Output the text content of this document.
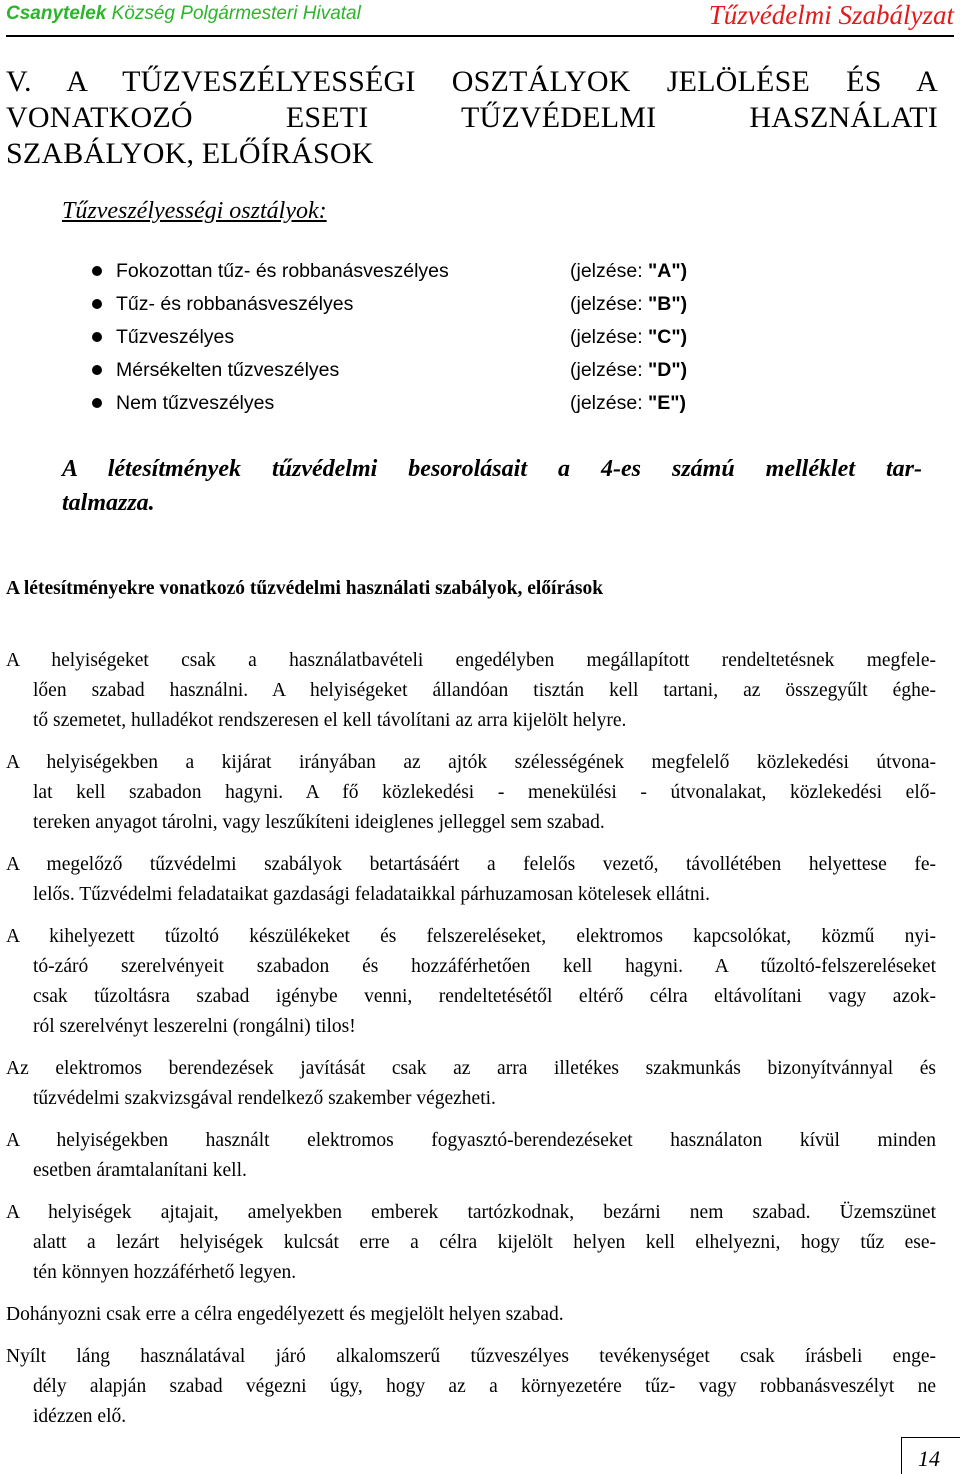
Csanytelek Község Polgármesteri Hivatal	Tűzvédelmi Szabályzat
V. A TŰZVESZÉLYESSÉGI OSZTÁLYOK JELÖLÉSE ÉS A
VONATKOZÓ ESETI TŰZVÉDELMI HASZNÁLATI
SZABÁLYOK, ELŐÍRÁSOK
Tűzveszélyességi osztályok:
Fokozottan tűz- és robbanásveszélyes	(jelzése: "A")
Tűz- és robbanásveszélyes	(jelzése: "B")
Tűzveszélyes	(jelzése: "C")
Mérsékelten tűzveszélyes	(jelzése: "D")
Nem tűzveszélyes	(jelzése: "E")
A létesítmények tűzvédelmi besorolásait a 4-es számú melléklet tar-
talmazza.
A létesítményekre vonatkozó tűzvédelmi használati szabályok, előírások

A helyiségeket csak a használatbavételi engedélyben megállapított rendeltetésnek megfele-
lően szabad használni. A helyiségeket állandóan tisztán kell tartani, az összegyűlt éghe-
tő szemetet, hulladékot rendszeresen el kell távolítani az arra kijelölt helyre.

A helyiségekben a kijárat irányában az ajtók szélességének megfelelő közlekedési útvona-
lat kell szabadon hagyni. A fő közlekedési - menekülési - útvonalakat, közlekedési elő-
tereken anyagot tárolni, vagy leszűkíteni ideiglenes jelleggel sem szabad.

A megelőző tűzvédelmi szabályok betartásáért a felelős vezető, távollétében helyettese fe-
lelős. Tűzvédelmi feladataikat gazdasági feladataikkal párhuzamosan kötelesek ellátni.

A kihelyezett tűzoltó készülékeket és felszereléseket, elektromos kapcsolókat, közmű nyi-
tó-záró szerelvényeit szabadon és hozzáférhetően kell hagyni. A tűzoltó-felszereléseket
csak tűzoltásra szabad igénybe venni, rendeltetésétől eltérő célra eltávolítani vagy azok-
ról szerelvényt leszerelni (rongálni) tilos!

Az elektromos berendezések javítását csak az arra illetékes szakmunkás bizonyítvánnyal és
tűzvédelmi szakvizsgával rendelkező szakember végezheti.

A helyiségekben használt elektromos fogyasztó-berendezéseket használaton kívül minden
esetben áramtalanítani kell.

A helyiségek ajtajait, amelyekben emberek tartózkodnak, bezárni nem szabad. Üzemszünet
alatt a lezárt helyiségek kulcsát erre a célra kijelölt helyen kell elhelyezni, hogy tűz ese-
tén könnyen hozzáférhető legyen.

Dohányozni csak erre a célra engedélyezett és megjelölt helyen szabad.

Nyílt láng használatával járó alkalomszerű tűzveszélyes tevékenységet csak írásbeli enge-
dély alapján szabad végezni úgy, hogy az a környezetére tűz- vagy robbanásveszélyt ne
idézzen elő.

14
